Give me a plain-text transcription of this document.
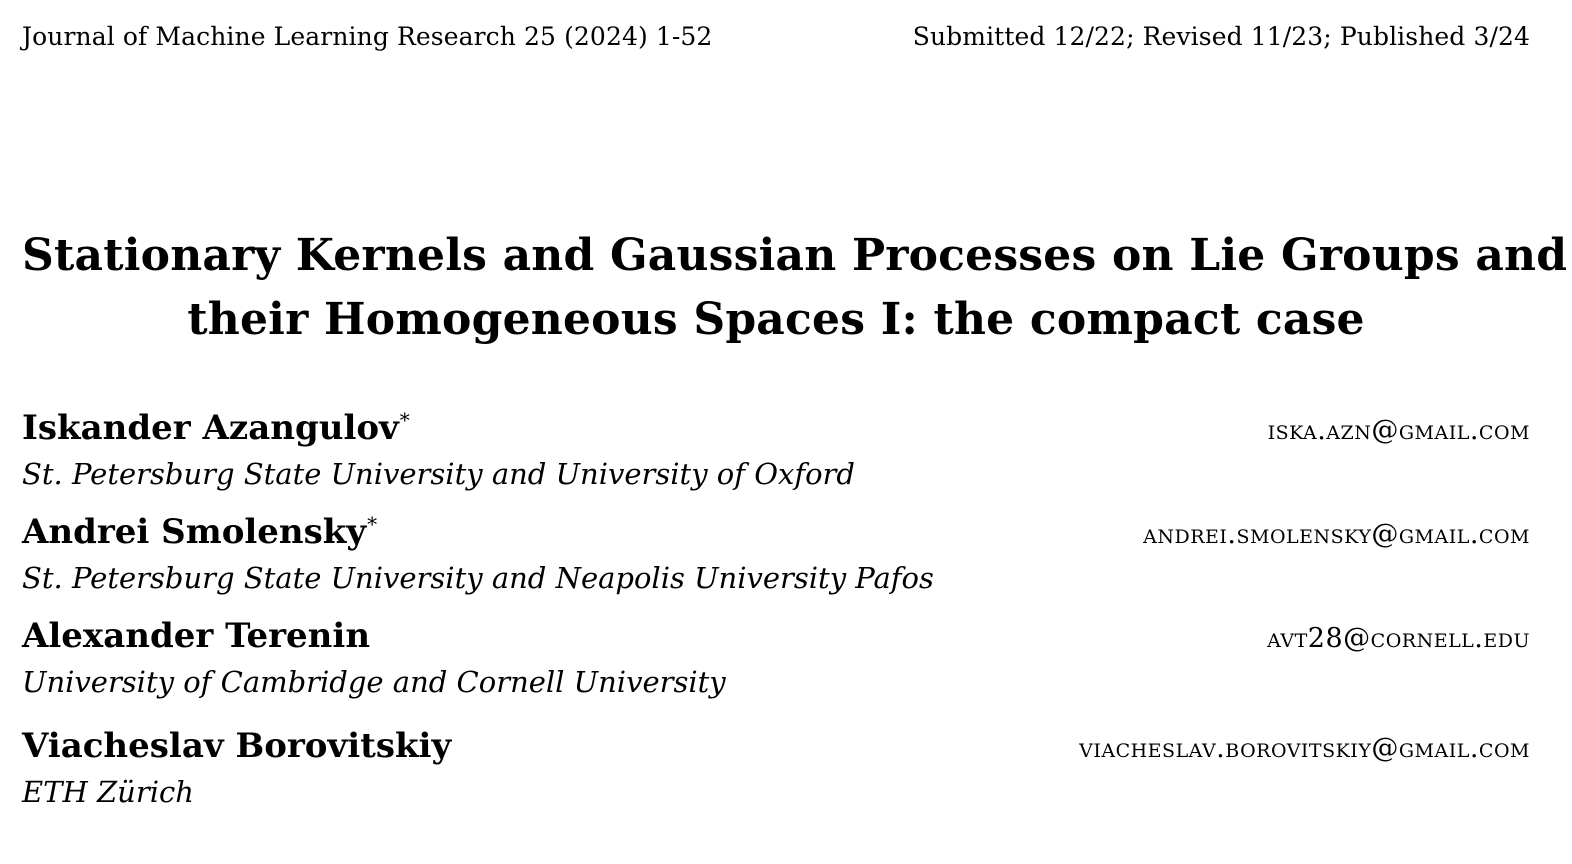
Journal of Machine Learning Research 25 (2024) 1-52	Submitted 12/22; Revised 11/23; Published 3/24
Stationary Kernels and Gaussian Processes on Lie Groups and
their Homogeneous Spaces I: the compact case
Iskander Azangulov*	iska.azn@gmail.com
St. Petersburg State University and University of Oxford
Andrei Smolensky*	andrei.smolensky@gmail.com
St. Petersburg State University and Neapolis University Pafos
Alexander Terenin	avt28@cornell.edu
University of Cambridge and Cornell University
Viacheslav Borovitskiy	viacheslav.borovitskiy@gmail.com
ETH Zürich
